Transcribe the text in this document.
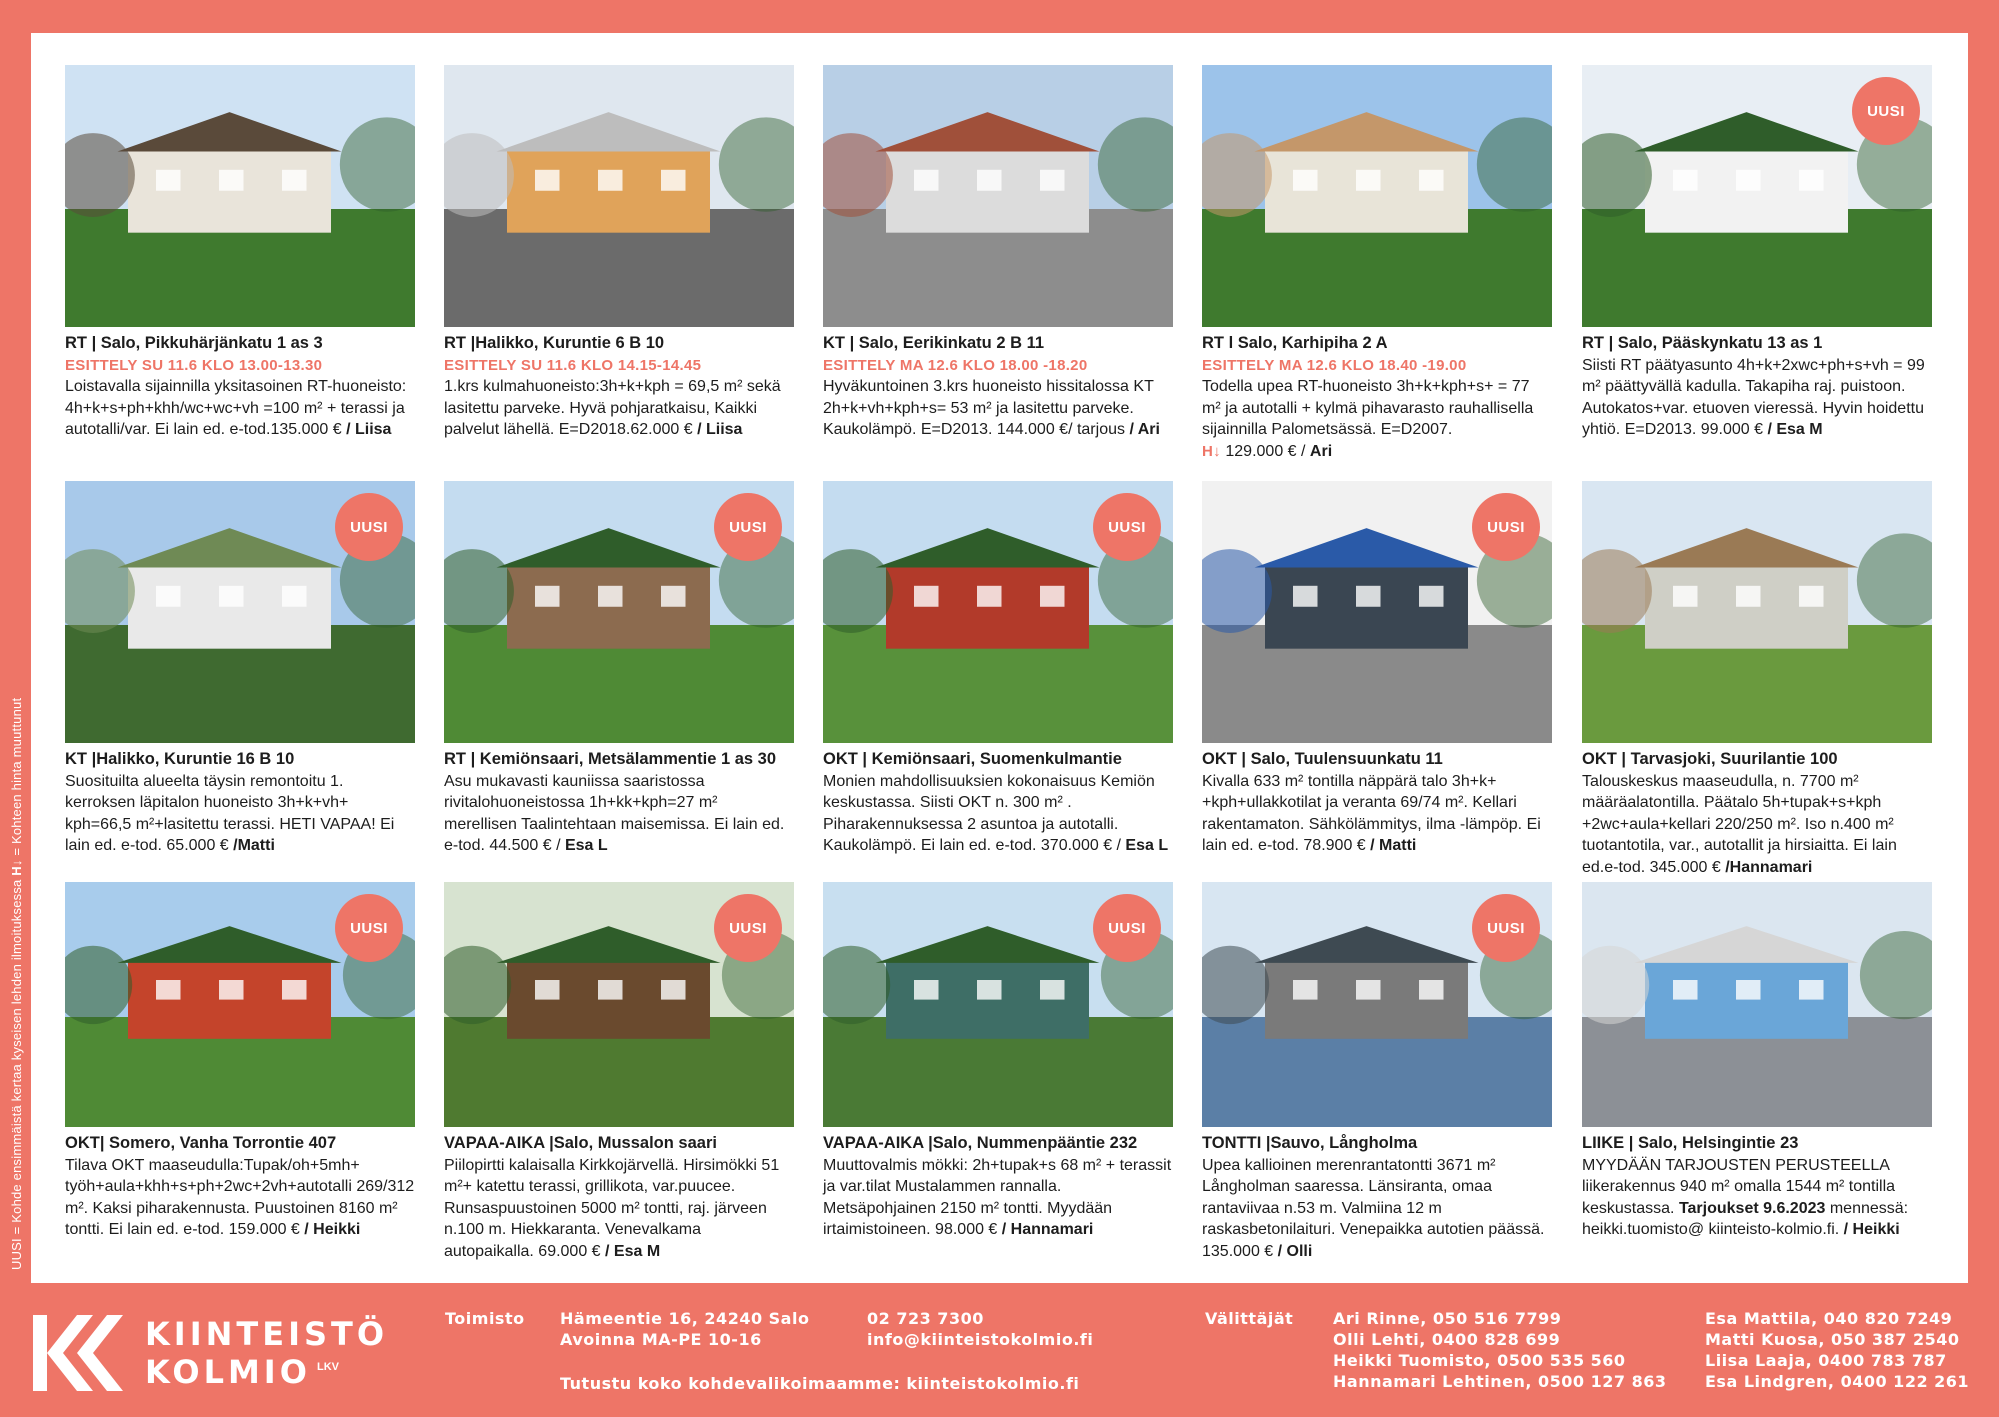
UUSI = Kohde ensimmäistä kertaa kyseisen lehden ilmoituksessa H↓ = Kohteen hinta muuttunut
RT | Salo, Pikkuhärjänkatu 1 as 3
ESITTELY SU 11.6 KLO 13.00-13.30
Loistavalla sijainnilla yksitasoinen RT-huoneisto: 4h+k+s+ph+khh/wc+wc+vh =100 m² + terassi ja autotalli/var. Ei lain ed. e-tod.135.000 € / Liisa
RT |Halikko, Kuruntie 6 B 10
ESITTELY SU 11.6 KLO 14.15-14.45
1.krs kulmahuoneisto:3h+k+kph = 69,5 m² sekä lasitettu parveke. Hyvä pohjaratkaisu, Kaikki palvelut lähellä. E=D2018.62.000 € / Liisa
KT | Salo, Eerikinkatu 2 B 11
ESITTELY MA 12.6 KLO 18.00 -18.20
Hyväkuntoinen 3.krs huoneisto hissitalossa KT 2h+k+vh+kph+s= 53 m² ja lasitettu parveke. Kaukolämpö. E=D2013. 144.000 €/ tarjous / Ari
RT l Salo, Karhipiha 2 A
ESITTELY MA 12.6 KLO 18.40 -19.00
Todella upea RT-huoneisto 3h+k+kph+s+ = 77 m² ja autotalli + kylmä pihavarasto rauhallisella sijainnilla Palometsässä. E=D2007.
H↓ 129.000 € / Ari
UUSI
RT | Salo, Pääskynkatu 13 as 1
Siisti RT päätyasunto 4h+k+2xwc+ph+s+vh = 99 m² päättyvällä kadulla. Takapiha raj. puistoon. Autokatos+var. etuoven vieressä. Hyvin hoidettu yhtiö. E=D2013. 99.000 € / Esa M
UUSI
KT |Halikko, Kuruntie 16 B 10
Suosituilta alueelta täysin remontoitu 1. kerroksen läpitalon huoneisto 3h+k+vh+ kph=66,5 m²+lasitettu terassi. HETI VAPAA! Ei lain ed. e-tod. 65.000 € /Matti
UUSI
RT | Kemiönsaari, Metsälammentie 1 as 30 Asu mukavasti kauniissa saaristossa rivitalohuoneistossa 1h+kk+kph=27 m² merellisen Taalintehtaan maisemissa. Ei lain ed. e-tod. 44.500 € / Esa L
UUSI
OKT | Kemiönsaari, Suomenkulmantie
Monien mahdollisuuksien kokonaisuus Kemiön keskustassa. Siisti OKT n. 300 m² . Piharakennuksessa 2 asuntoa ja autotalli. Kaukolämpö. Ei lain ed. e-tod. 370.000 € / Esa L
UUSI
OKT | Salo, Tuulensuunkatu 11
Kivalla 633 m² tontilla näppärä talo 3h+k+ +kph+ullakkotilat ja veranta 69/74 m². Kellari rakentamaton. Sähkölämmitys, ilma -lämpöp. Ei lain ed. e-tod. 78.900 € / Matti
OKT | Tarvasjoki, Suurilantie 100
Talouskeskus maaseudulla, n. 7700 m² määräalatontilla. Päätalo 5h+tupak+s+kph +2wc+aula+kellari 220/250 m². Iso n.400 m² tuotantotila, var., autotallit ja hirsiaitta. Ei lain ed.e-tod. 345.000 € /Hannamari
UUSI
OKT| Somero, Vanha Torrontie 407
Tilava OKT maaseudulla:Tupak/oh+5mh+ työh+aula+khh+s+ph+2wc+2vh+autotalli 269/312 m². Kaksi piharakennusta. Puustoinen 8160 m² tontti. Ei lain ed. e-tod. 159.000 € / Heikki
UUSI
VAPAA-AIKA |Salo, Mussalon saari
Piilopirtti kalaisalla Kirkkojärvellä. Hirsimökki 51 m²+ katettu terassi, grillikota, var.puucee. Runsaspuustoinen 5000 m² tontti, raj. järveen n.100 m. Hiekkaranta. Venevalkama autopaikalla. 69.000 € / Esa M
UUSI
VAPAA-AIKA |Salo, Nummenpääntie 232
Muuttovalmis mökki: 2h+tupak+s 68 m² + terassit ja var.tilat Mustalammen rannalla. Metsäpohjainen 2150 m² tontti. Myydään irtaimistoineen. 98.000 € / Hannamari
UUSI
TONTTI |Sauvo, Långholma
Upea kallioinen merenrantatontti 3671 m² Långholman saaressa. Länsiranta, omaa rantaviivaa n.53 m. Valmiina 12 m raskasbetonilaituri. Venepaikka autotien päässä. 135.000 € / Olli
LIIKE | Salo, Helsingintie 23
MYYDÄÄN TARJOUSTEN PERUSTEELLA liikerakennus 940 m² omalla 1544 m² tontilla keskustassa. Tarjoukset 9.6.2023 mennessä: heikki.tuomisto@ kiinteisto-kolmio.fi. / Heikki
KIINTEISTÖ
KOLMIO LKV
Toimisto Hämeentie 16, 24240 Salo
Avoinna MA-PE 10-16
02 723 7300
info@kiinteistokolmio.fi
Tutustu koko kohdevalikoimaamme: kiinteistokolmio.fi
Välittäjät Ari Rinne, 050 516 7799
Olli Lehti, 0400 828 699
Heikki Tuomisto, 0500 535 560
Hannamari Lehtinen, 0500 127 863
Esa Mattila, 040 820 7249
Matti Kuosa, 050 387 2540
Liisa Laaja, 0400 783 787
Esa Lindgren, 0400 122 261
